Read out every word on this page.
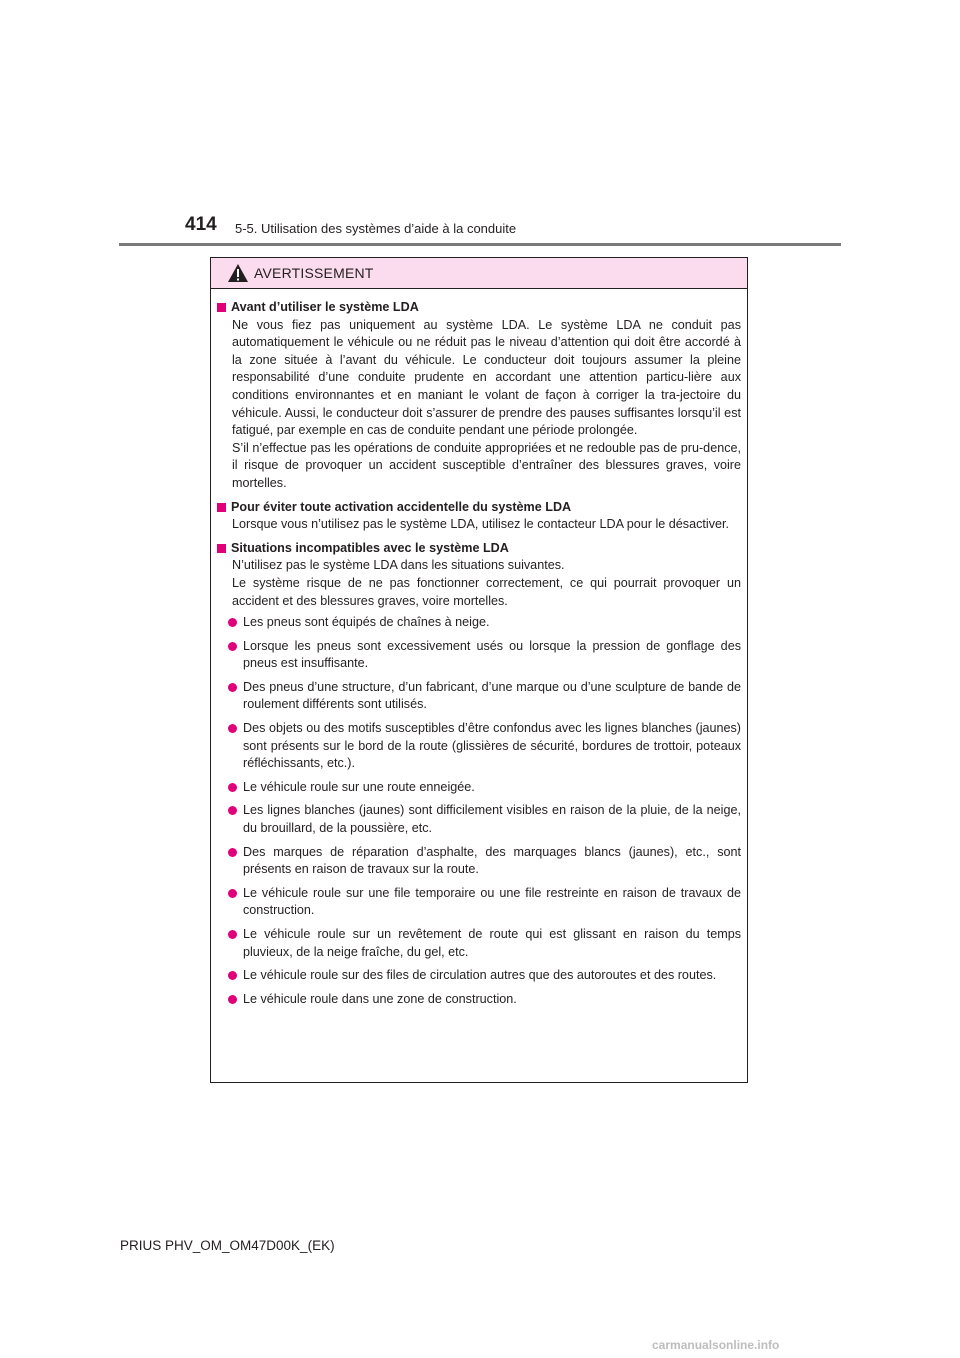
414 5-5. Utilisation des systèmes d’aide à la conduite
AVERTISSEMENT
Avant d’utiliser le système LDA

Ne vous fiez pas uniquement au système LDA. Le système LDA ne conduit pas automatiquement le véhicule ou ne réduit pas le niveau d’attention qui doit être accordé à la zone située à l’avant du véhicule. Le conducteur doit toujours assumer la pleine responsabilité d’une conduite prudente en accordant une attention particu-lière aux conditions environnantes et en maniant le volant de façon à corriger la tra-jectoire du véhicule. Aussi, le conducteur doit s’assurer de prendre des pauses suffisantes lorsqu’il est fatigué, par exemple en cas de conduite pendant une période prolongée.

S’il n’effectue pas les opérations de conduite appropriées et ne redouble pas de pru-dence, il risque de provoquer un accident susceptible d’entraîner des blessures graves, voire mortelles.

Pour éviter toute activation accidentelle du système LDA

Lorsque vous n’utilisez pas le système LDA, utilisez le contacteur LDA pour le désactiver.

Situations incompatibles avec le système LDA

N’utilisez pas le système LDA dans les situations suivantes.

Le système risque de ne pas fonctionner correctement, ce qui pourrait provoquer un accident et des blessures graves, voire mortelles.

Les pneus sont équipés de chaînes à neige.
Lorsque les pneus sont excessivement usés ou lorsque la pression de gonflage des pneus est insuffisante.
Des pneus d’une structure, d’un fabricant, d’une marque ou d’une sculpture de bande de roulement différents sont utilisés.
Des objets ou des motifs susceptibles d’être confondus avec les lignes blanches (jaunes) sont présents sur le bord de la route (glissières de sécurité, bordures de trottoir, poteaux réfléchissants, etc.).
Le véhicule roule sur une route enneigée.
Les lignes blanches (jaunes) sont difficilement visibles en raison de la pluie, de la neige, du brouillard, de la poussière, etc.
Des marques de réparation d’asphalte, des marquages blancs (jaunes), etc., sont présents en raison de travaux sur la route.
Le véhicule roule sur une file temporaire ou une file restreinte en raison de travaux de construction.
Le véhicule roule sur un revêtement de route qui est glissant en raison du temps pluvieux, de la neige fraîche, du gel, etc.
Le véhicule roule sur des files de circulation autres que des autoroutes et des routes.
Le véhicule roule dans une zone de construction.
PRIUS PHV_OM_OM47D00K_(EK)
carmanualsonline.info
